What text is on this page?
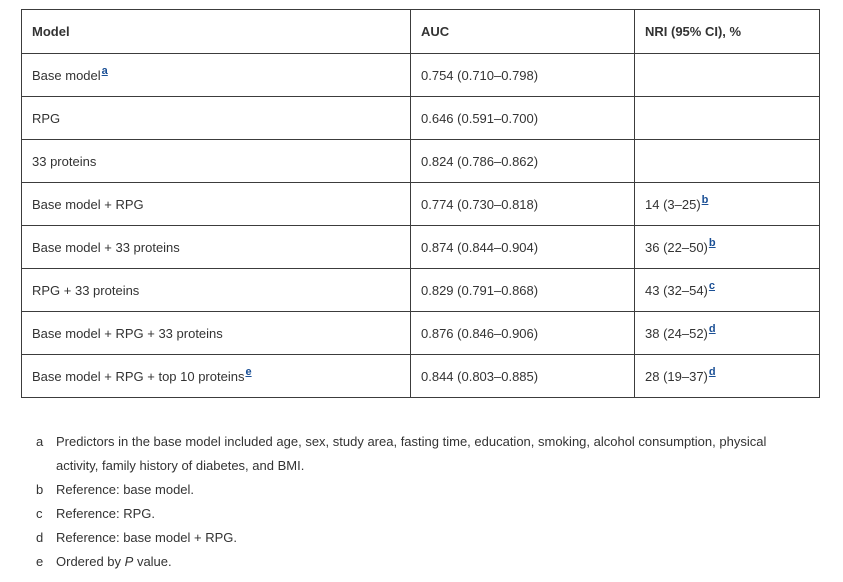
Model	AUC	NRI (95% CI), %
Base model$^a$	0.754 (0.710–0.798)	
RPG	0.646 (0.591–0.700)	
33 proteins	0.824 (0.786–0.862)	
Base model + RPG	0.774 (0.730–0.818)	14 (3–25)$^b$
Base model + 33 proteins	0.874 (0.844–0.904)	36 (22–50)$^b$
RPG + 33 proteins	0.829 (0.791–0.868)	43 (32–54)$^c$
Base model + RPG + 33 proteins	0.876 (0.846–0.906)	38 (24–52)$^d$
Base model + RPG + top 10 proteins$^e$	0.844 (0.803–0.885)	28 (19–37)$^d$
a Predictors in the base model included age, sex, study area, fasting time, education, smoking, alcohol consumption, physical activity, family history of diabetes, and BMI.
b Reference: base model.
c	Reference: RPG.
d Reference: base model + RPG.
e Ordered by P value.
